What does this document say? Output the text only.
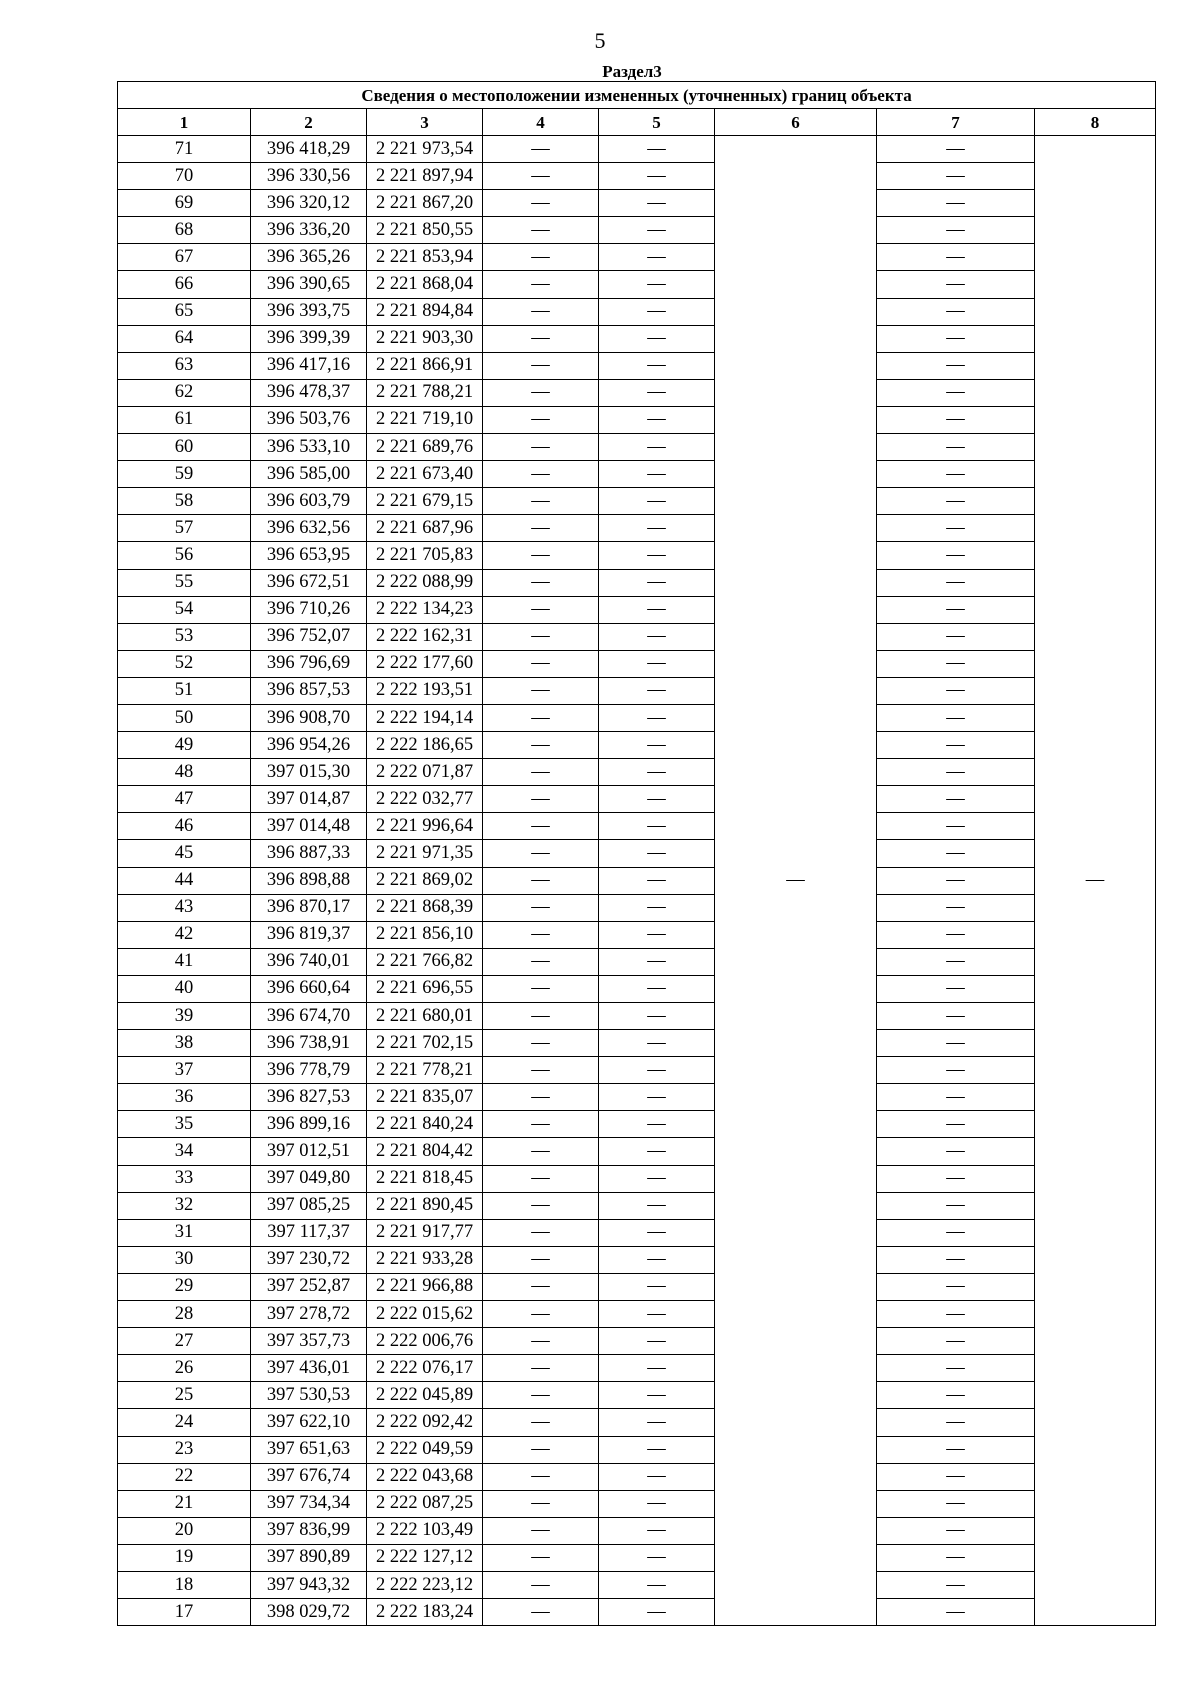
5
Раздел3
Сведения о местоположении измененных (уточненных) границ объекта							
1	2	3	4	5	6	7	8
71	396 418,29	2 221 973,54	—	—	—	—	—
70	396 330,56	2 221 897,94	—	—		—	
69	396 320,12	2 221 867,20	—	—		—	
68	396 336,20	2 221 850,55	—	—		—	
67	396 365,26	2 221 853,94	—	—		—	
66	396 390,65	2 221 868,04	—	—		—	
65	396 393,75	2 221 894,84	—	—		—	
64	396 399,39	2 221 903,30	—	—		—	
63	396 417,16	2 221 866,91	—	—		—	
62	396 478,37	2 221 788,21	—	—		—	
61	396 503,76	2 221 719,10	—	—		—	
60	396 533,10	2 221 689,76	—	—		—	
59	396 585,00	2 221 673,40	—	—		—	
58	396 603,79	2 221 679,15	—	—		—	
57	396 632,56	2 221 687,96	—	—		—	
56	396 653,95	2 221 705,83	—	—		—	
55	396 672,51	2 222 088,99	—	—		—	
54	396 710,26	2 222 134,23	—	—		—	
53	396 752,07	2 222 162,31	—	—		—	
52	396 796,69	2 222 177,60	—	—		—	
51	396 857,53	2 222 193,51	—	—		—	
50	396 908,70	2 222 194,14	—	—		—	
49	396 954,26	2 222 186,65	—	—		—	
48	397 015,30	2 222 071,87	—	—		—	
47	397 014,87	2 222 032,77	—	—		—	
46	397 014,48	2 221 996,64	—	—		—	
45	396 887,33	2 221 971,35	—	—		—	
44	396 898,88	2 221 869,02	—	—		—	
43	396 870,17	2 221 868,39	—	—		—	
42	396 819,37	2 221 856,10	—	—		—	
41	396 740,01	2 221 766,82	—	—		—	
40	396 660,64	2 221 696,55	—	—		—	
39	396 674,70	2 221 680,01	—	—		—	
38	396 738,91	2 221 702,15	—	—		—	
37	396 778,79	2 221 778,21	—	—		—	
36	396 827,53	2 221 835,07	—	—		—	
35	396 899,16	2 221 840,24	—	—		—	
34	397 012,51	2 221 804,42	—	—		—	
33	397 049,80	2 221 818,45	—	—		—	
32	397 085,25	2 221 890,45	—	—		—	
31	397 117,37	2 221 917,77	—	—		—	
30	397 230,72	2 221 933,28	—	—		—	
29	397 252,87	2 221 966,88	—	—		—	
28	397 278,72	2 222 015,62	—	—		—	
27	397 357,73	2 222 006,76	—	—		—	
26	397 436,01	2 222 076,17	—	—		—	
25	397 530,53	2 222 045,89	—	—		—	
24	397 622,10	2 222 092,42	—	—		—	
23	397 651,63	2 222 049,59	—	—		—	
22	397 676,74	2 222 043,68	—	—		—	
21	397 734,34	2 222 087,25	—	—		—	
20	397 836,99	2 222 103,49	—	—		—	
19	397 890,89	2 222 127,12	—	—		—	
18	397 943,32	2 222 223,12	—	—		—	
17	398 029,72	2 222 183,24	—	—		—	
